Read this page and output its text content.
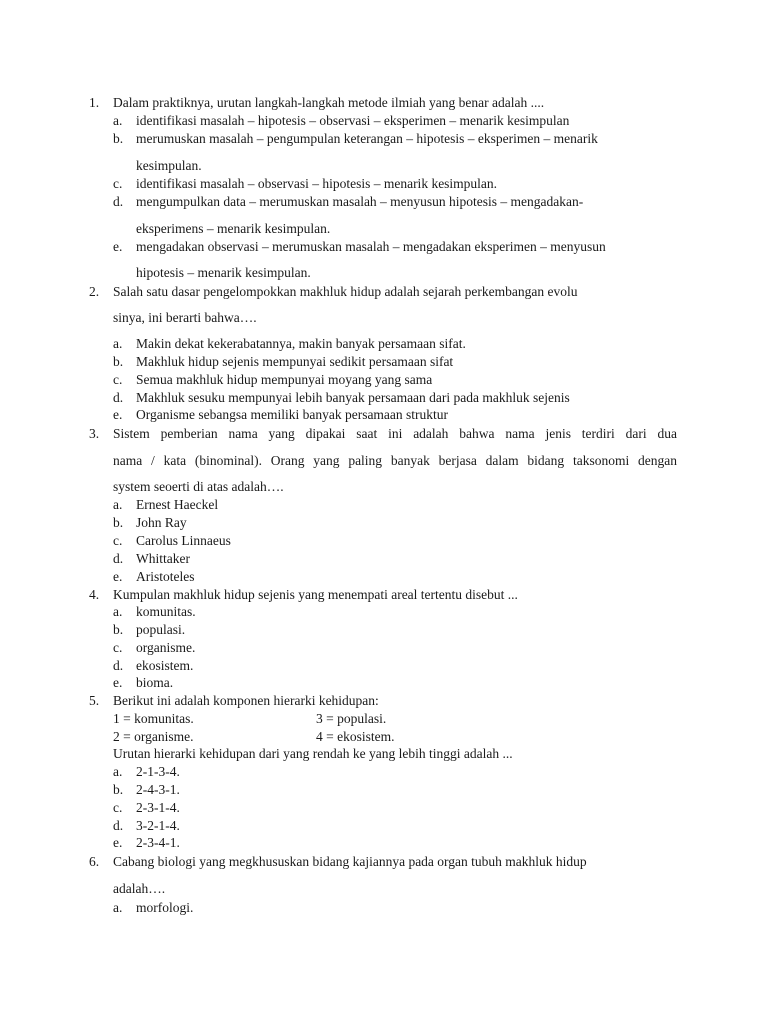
1. Dalam praktiknya, urutan langkah-langkah metode ilmiah yang benar adalah ....
a. identifikasi masalah – hipotesis – observasi – eksperimen – menarik kesimpulan
b. merumuskan masalah – pengumpulan keterangan – hipotesis – eksperimen – menarik
kesimpulan.
c. identifikasi masalah – observasi – hipotesis – menarik kesimpulan.
d. mengumpulkan data – merumuskan masalah – menyusun hipotesis – mengadakan-
eksperimens – menarik kesimpulan.
e. mengadakan observasi – merumuskan masalah – mengadakan eksperimen – menyusun
hipotesis – menarik kesimpulan.
2. Salah satu dasar pengelompokkan makhluk hidup adalah sejarah perkembangan evolu
sinya, ini berarti bahwa….
a. Makin dekat kekerabatannya, makin banyak persamaan sifat.
b. Makhluk hidup sejenis mempunyai sedikit persamaan sifat
c. Semua makhluk hidup mempunyai moyang yang sama
d. Makhluk sesuku mempunyai lebih banyak persamaan dari pada makhluk sejenis
e. Organisme sebangsa memiliki banyak persamaan struktur
3. Sistem pemberian nama yang dipakai saat ini adalah bahwa nama jenis terdiri dari dua
nama / kata (binominal). Orang yang paling banyak berjasa dalam bidang taksonomi dengan
system seoerti di atas adalah….
a. Ernest Haeckel
b. John Ray
c. Carolus Linnaeus
d. Whittaker
e. Aristoteles
4. Kumpulan makhluk hidup sejenis yang menempati areal tertentu disebut ...
a. komunitas.
b. populasi.
c. organisme.
d. ekosistem.
e. bioma.
5. Berikut ini adalah komponen hierarki kehidupan:
1 = komunitas.	3 = populasi.
2 = organisme.	4 = ekosistem.
Urutan hierarki kehidupan dari yang rendah ke yang lebih tinggi adalah ...
a. 2-1-3-4.
b. 2-4-3-1.
c. 2-3-1-4.
d. 3-2-1-4.
e. 2-3-4-1.
6. Cabang biologi yang megkhususkan bidang kajiannya pada organ tubuh makhluk hidup
adalah….
a. morfologi.
